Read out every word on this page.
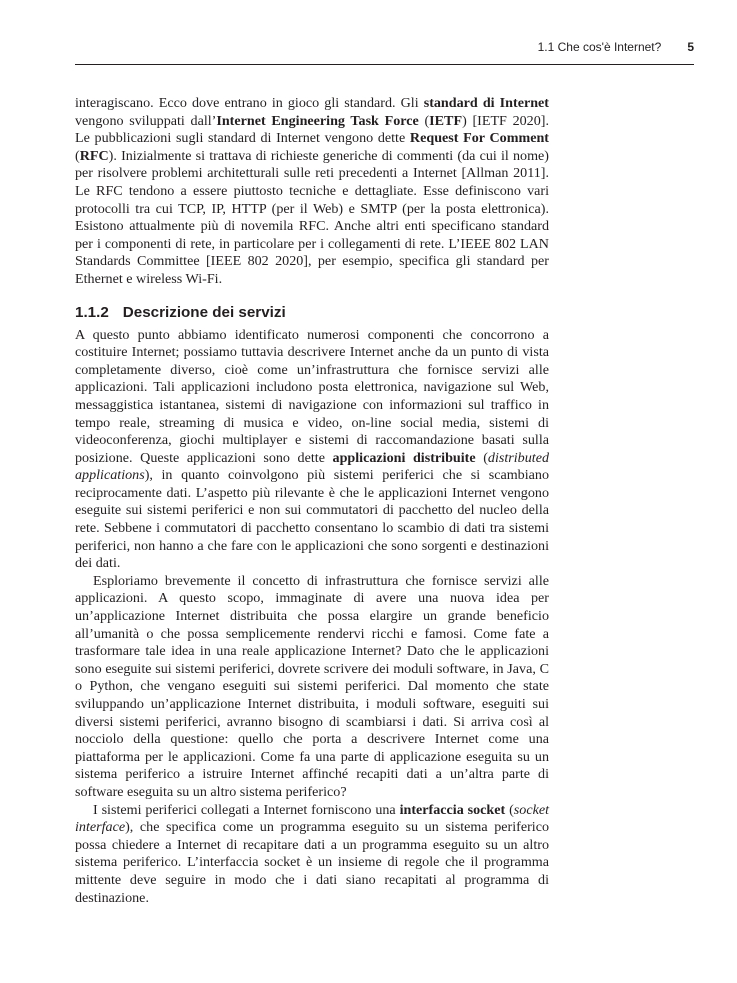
1.1 Che cos'è Internet? 5

interagiscano. Ecco dove entrano in gioco gli standard. Gli standard di Internet vengono sviluppati dall’Internet Engineering Task Force (IETF) [IETF 2020]. Le pubblicazioni sugli standard di Internet vengono dette Request For Comment (RFC). Inizialmente si trattava di richieste generiche di commenti (da cui il nome) per risolvere problemi architetturali sulle reti precedenti a Internet [Allman 2011]. Le RFC tendono a essere piuttosto tecniche e dettagliate. Esse definiscono vari protocolli tra cui TCP, IP, HTTP (per il Web) e SMTP (per la posta elettronica). Esistono attualmente più di novemila RFC. Anche altri enti specificano standard per i componenti di rete, in particolare per i collegamenti di rete. L’IEEE 802 LAN Standards Committee [IEEE 802 2020], per esempio, specifica gli standard per Ethernet e wireless Wi-Fi.

1.1.2 Descrizione dei servizi

A questo punto abbiamo identificato numerosi componenti che concorrono a costituire Internet; possiamo tuttavia descrivere Internet anche da un punto di vista completamente diverso, cioè come un’infrastruttura che fornisce servizi alle applicazioni. Tali applicazioni includono posta elettronica, navigazione sul Web, messaggistica istantanea, sistemi di navigazione con informazioni sul traffico in tempo reale, streaming di musica e video, on-line social media, sistemi di videoconferenza, giochi multiplayer e sistemi di raccomandazione basati sulla posizione. Queste applicazioni sono dette applicazioni distribuite (distributed applications), in quanto coinvolgono più sistemi periferici che si scambiano reciprocamente dati. L’aspetto più rilevante è che le applicazioni Internet vengono eseguite sui sistemi periferici e non sui commutatori di pacchetto del nucleo della rete. Sebbene i commutatori di pacchetto consentano lo scambio di dati tra sistemi periferici, non hanno a che fare con le applicazioni che sono sorgenti e destinazioni dei dati.

Esploriamo brevemente il concetto di infrastruttura che fornisce servizi alle applicazioni. A questo scopo, immaginate di avere una nuova idea per un’applicazione Internet distribuita che possa elargire un grande beneficio all’umanità o che possa semplicemente rendervi ricchi e famosi. Come fate a trasformare tale idea in una reale applicazione Internet? Dato che le applicazioni sono eseguite sui sistemi periferici, dovrete scrivere dei moduli software, in Java, C o Python, che vengano eseguiti sui sistemi periferici. Dal momento che state sviluppando un’applicazione Internet distribuita, i moduli software, eseguiti sui diversi sistemi periferici, avranno bisogno di scambiarsi i dati. Si arriva così al nocciolo della questione: quello che porta a descrivere Internet come una piattaforma per le applicazioni. Come fa una parte di applicazione eseguita su un sistema periferico a istruire Internet affinché recapiti dati a un’altra parte di software eseguita su un altro sistema periferico?

I sistemi periferici collegati a Internet forniscono una interfaccia socket (socket interface), che specifica come un programma eseguito su un sistema periferico possa chiedere a Internet di recapitare dati a un programma eseguito su un altro sistema periferico. L’interfaccia socket è un insieme di regole che il programma mittente deve seguire in modo che i dati siano recapitati al programma di destinazione.
